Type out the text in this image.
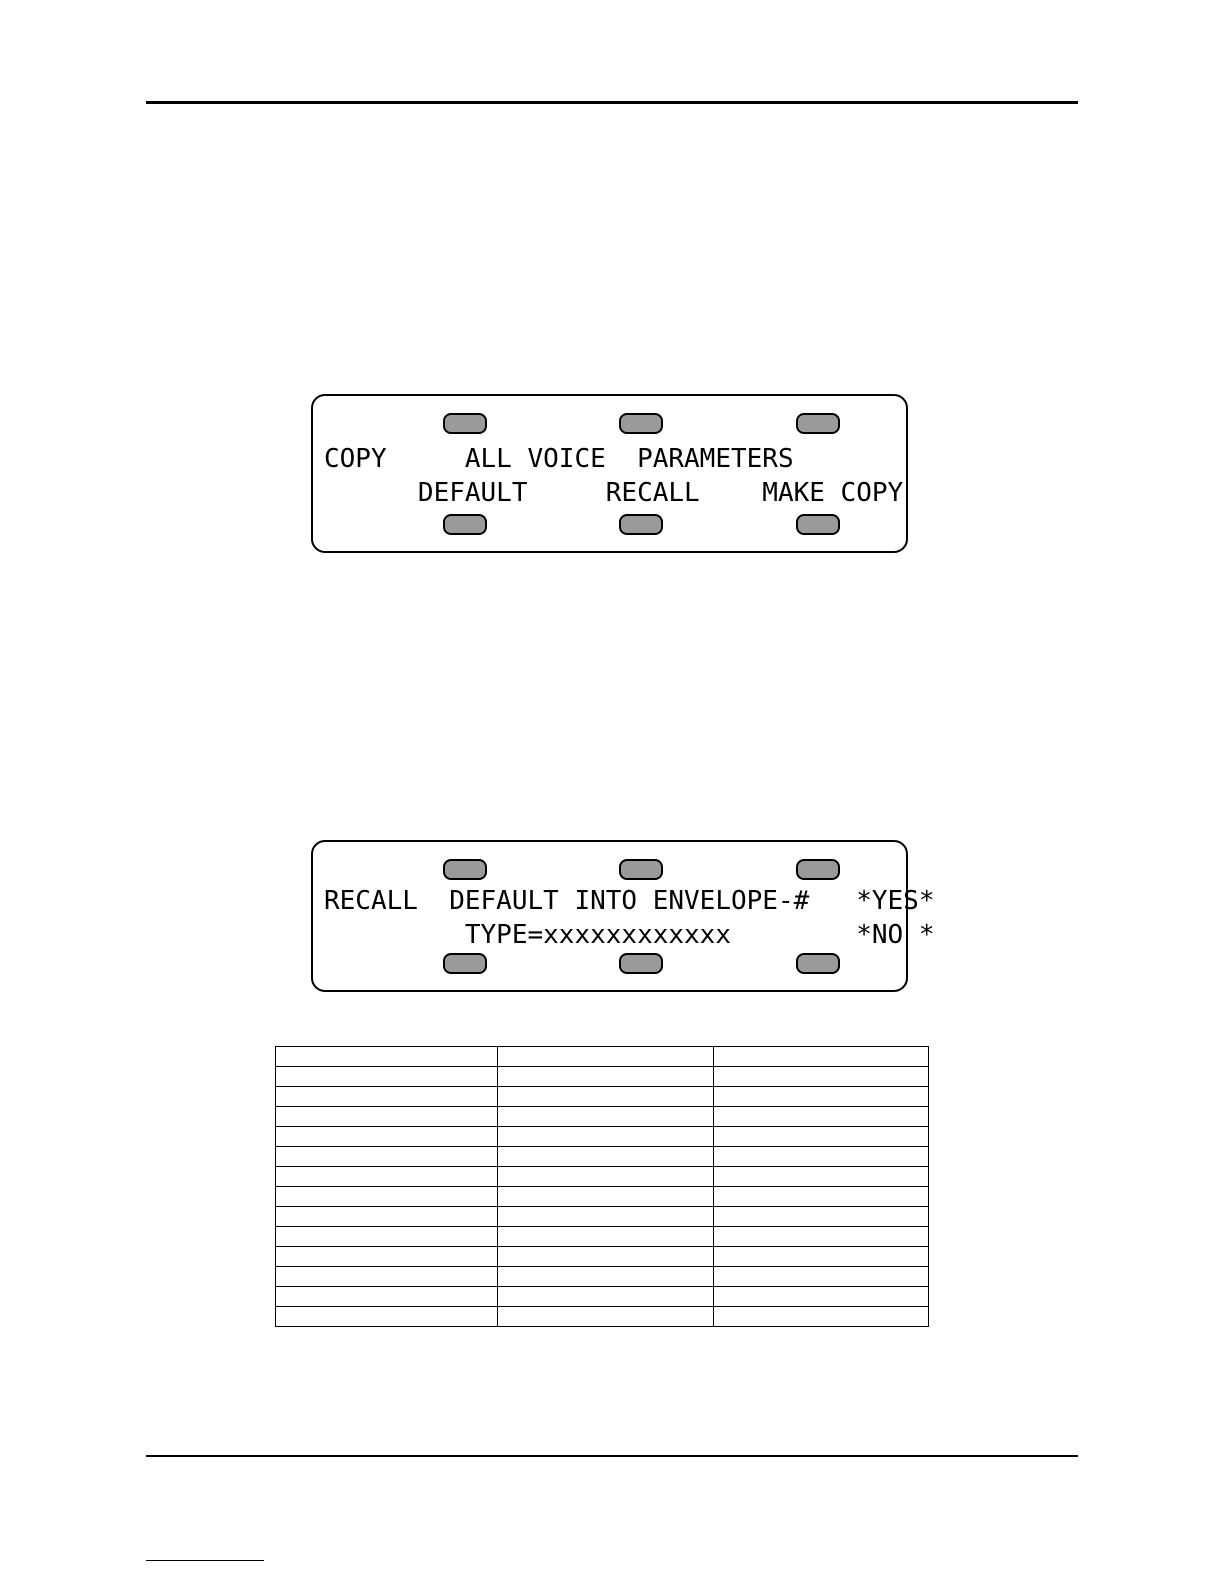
COPY     ALL VOICE  PARAMETERS
DEFAULT     RECALL    MAKE COPY
RECALL  DEFAULT INTO ENVELOPE-#   *YES*
TYPE=xxxxxxxxxxxx        *NO *
